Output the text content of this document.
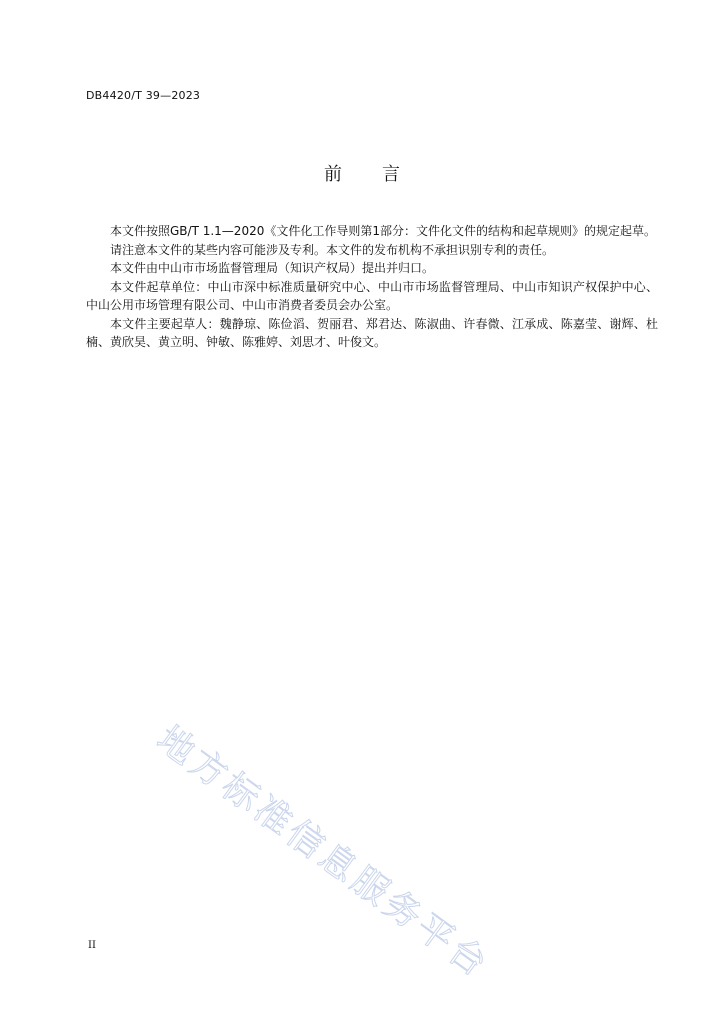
DB4420/T 39—2023
前 言

本文件按照GB/T 1.1—2020《文件化工作导则第1部分：文件化文件的结构和起草规则》的规定起草。

请注意本文件的某些内容可能涉及专利。本文件的发布机构不承担识别专利的责任。

本文件由中山市市场监督管理局（知识产权局）提出并归口。

本文件起草单位：中山市深中标准质量研究中心、中山市市场监督管理局、中山市知识产权保护中心、中山公用市场管理有限公司、中山市消费者委员会办公室。

本文件主要起草人：魏静琼、陈俭滔、贺丽君、郑君达、陈淑曲、许春微、江承成、陈嘉莹、谢辉、杜楠、黄欣昊、黄立明、钟敏、陈雅婷、刘思才、叶俊文。

地方标准信息服务平台
II
